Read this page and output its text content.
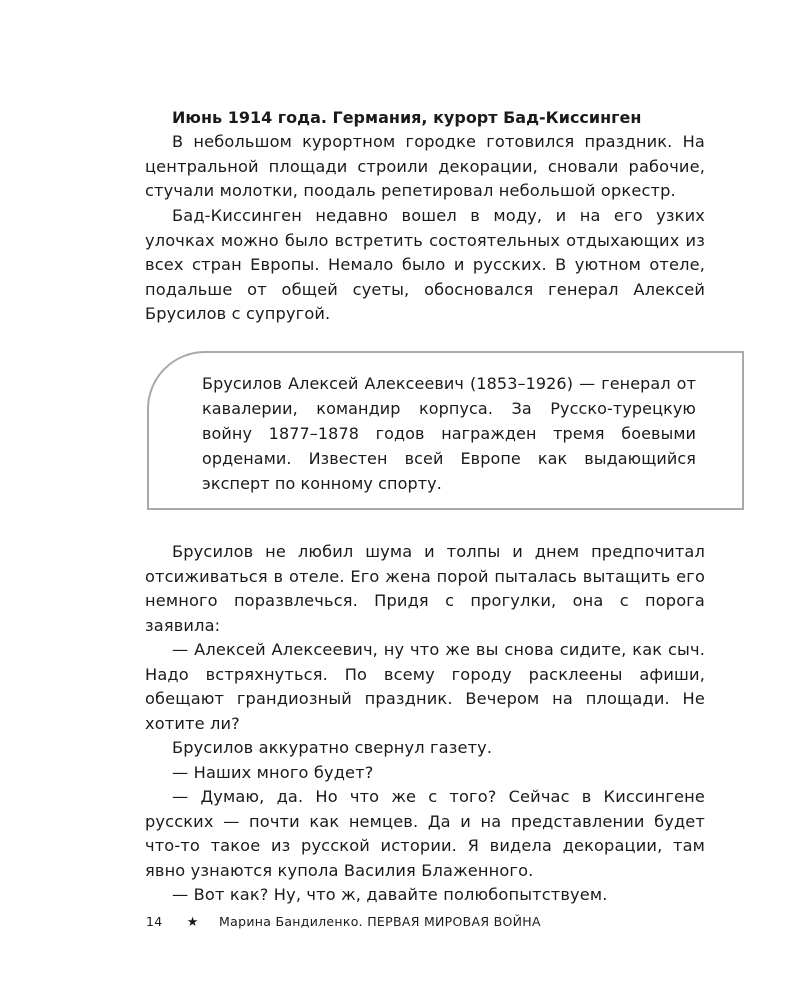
Июнь 1914 года. Германия, курорт Бад-Киссинген

В небольшом курортном городке готовился праздник. На центральной площади строили декорации, сновали рабочие, стучали молотки, поодаль репетировал небольшой оркестр.

Бад-Киссинген недавно вошел в моду, и на его узких улочках можно было встретить состоятельных отдыхающих из всех стран Европы. Немало было и русских. В уютном отеле, подальше от общей суеты, обосновался генерал Алексей Брусилов с супругой.

Брусилов Алексей Алексеевич (1853–1926) — генерал от кавалерии, командир корпуса. За Русско-турецкую войну 1877–1878 годов награжден тремя боевыми орденами. Известен всей Европе как выдающийся эксперт по конному спорту.

Брусилов не любил шума и толпы и днем предпочитал отсиживаться в отеле. Его жена порой пыталась вытащить его немного поразвлечься. Придя с прогулки, она с порога заявила:

— Алексей Алексеевич, ну что же вы снова сидите, как сыч. Надо встряхнуться. По всему городу расклеены афиши, обещают грандиозный праздник. Вечером на площади. Не хотите ли?

Брусилов аккуратно свернул газету.

— Наших много будет?

— Думаю, да. Но что же с того? Сейчас в Киссингене русских — почти как немцев. Да и на представлении будет что-то такое из русской истории. Я видела декорации, там явно узнаются купола Василия Блаженного.

— Вот как? Ну, что ж, давайте полюбопытствуем.

14 ★ Марина Бандиленко. ПЕРВАЯ МИРОВАЯ ВОЙНА
